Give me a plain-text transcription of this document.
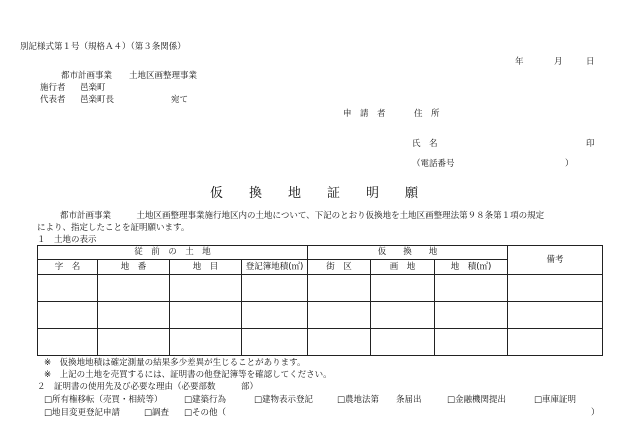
別記様式第１号（規格Ａ４）（第３条関係）
年	月	日
都市計画事業　　土地区画整理事業
施行者 邑楽町
代表者 邑楽町長	宛て
申　請　者	住　所
氏　名	印
（電話番号	）
仮　　換　　地　　証　　明　　願
都市計画事業　　　土地区画整理事業施行地区内の土地について、下記のとおり仮換地を土地区画整理法第９８条第１項の規定
により、指定したことを証明願います。
１　土地の表示
従　前　の　土　地				仮　　換　　地			備考
字　名	地　番	地　目	登記簿地積(㎡)	街　区	画　地	地　積(㎡)	

※　仮換地地積は確定測量の結果多少差異が生じることがあります。
※　上記の土地を売買するには、証明書の他登記簿等を確認してください。
２　証明書の使用先及び必要な理由（必要部数　　　部）
□所有権移転（売買・相続等）	□建築行為	□建物表示登記	□農地法第　　条届出	□金融機関提出	□車庫証明
□地目変更登記申請	□調査 □その他（	）
